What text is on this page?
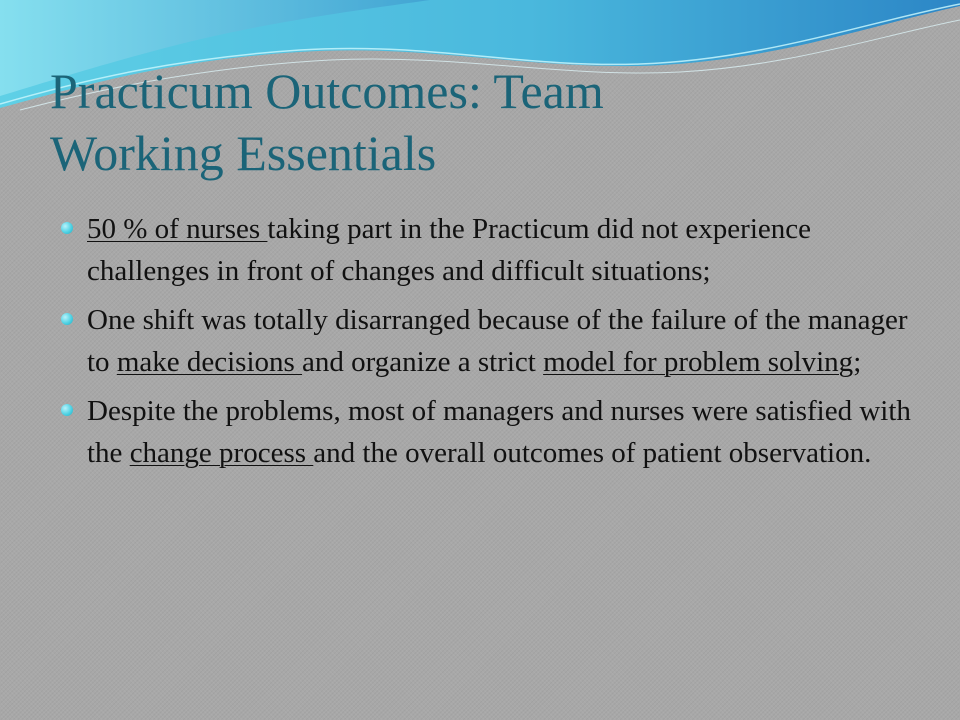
Practicum Outcomes: Team
Working Essentials
50 % of nurses taking part in the Practicum did not experience challenges in front of changes and difficult situations;
One shift was totally disarranged because of the failure of the manager to make decisions and organize a strict model for problem solving;
Despite the problems, most of managers and nurses were satisfied with the change process and the overall outcomes of patient observation.
